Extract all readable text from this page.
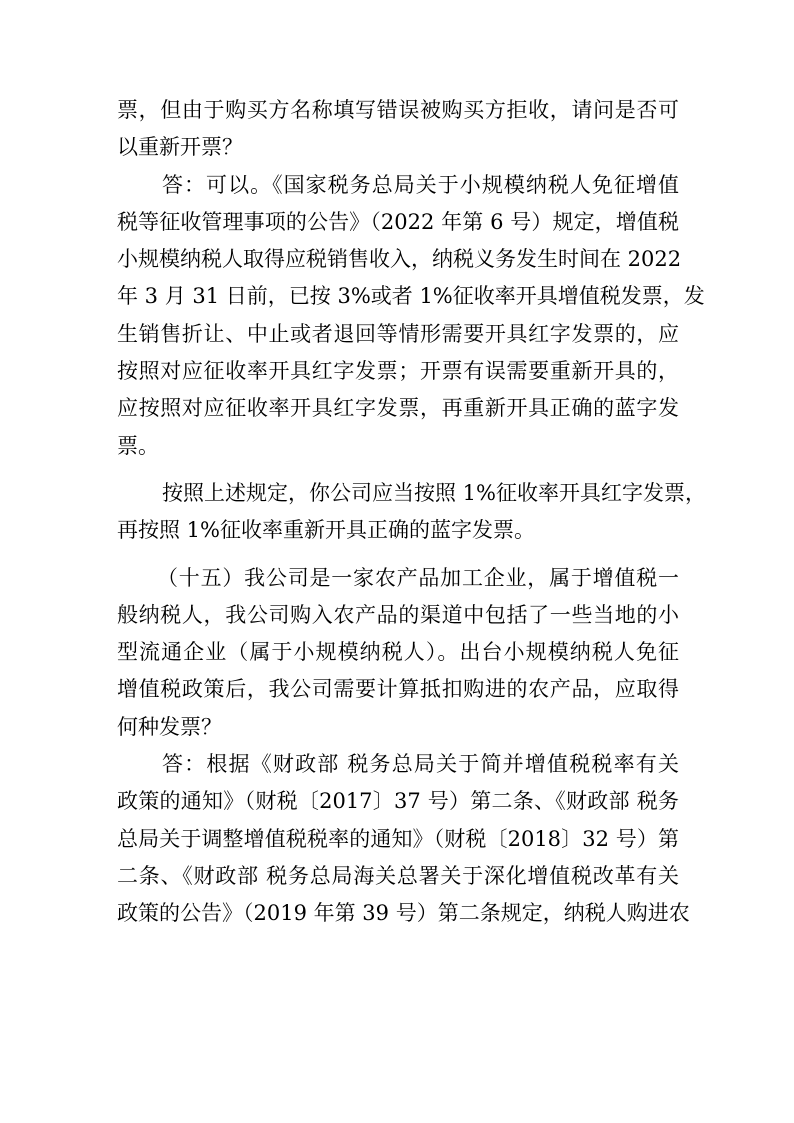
票，但由于购买方名称填写错误被购买方拒收，请问是否可
以重新开票？
答：可以。《国家税务总局关于小规模纳税人免征增值
税等征收管理事项的公告》（2022 年第 6 号）规定，增值税
小规模纳税人取得应税销售收入，纳税义务发生时间在 2022
年 3 月 31 日前，已按 3%或者 1%征收率开具增值税发票，发
生销售折让、中止或者退回等情形需要开具红字发票的，应
按照对应征收率开具红字发票；开票有误需要重新开具的，
应按照对应征收率开具红字发票，再重新开具正确的蓝字发
票。
按照上述规定，你公司应当按照 1%征收率开具红字发票，
再按照 1%征收率重新开具正确的蓝字发票。
（十五）我公司是一家农产品加工企业，属于增值税一
般纳税人，我公司购入农产品的渠道中包括了一些当地的小
型流通企业（属于小规模纳税人）。出台小规模纳税人免征
增值税政策后，我公司需要计算抵扣购进的农产品，应取得
何种发票？
答：根据《财政部 税务总局关于简并增值税税率有关
政策的通知》（财税〔2017〕37 号）第二条、《财政部 税务
总局关于调整增值税税率的通知》（财税〔2018〕32 号）第
二条、《财政部 税务总局海关总署关于深化增值税改革有关
政策的公告》（2019 年第 39 号）第二条规定，纳税人购进农
